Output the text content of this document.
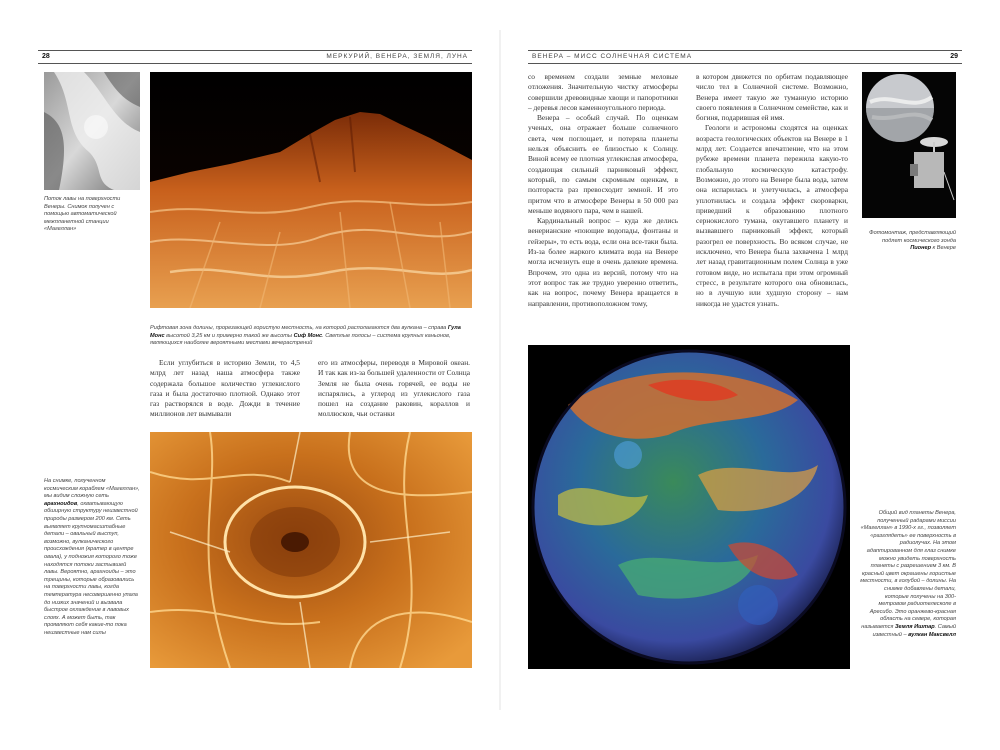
28	МЕРКУРИЙ, ВЕНЕРА, ЗЕМЛЯ, ЛУНА	ВЕНЕРА – МИСС СОЛНЕЧНАЯ СИСТЕМА	29
Поток лавы на поверхности Венеры. Снимок получен с помощью автоматической межпланетной станции «Магеллан»
Рифтовая зона долины, прорезающей гористую местность, на которой располагаются два вулкана – справа Гула Монс высотой 3,25 км и примерно такой же высоты Сиф Монс. Светлые полосы – система крупных каньонов, являющихся наиболее вероятными местами вечерастрений

Если углубиться в историю Земли, то 4,5 млрд лет назад наша атмосфера также содержала большое количество углекислого газа и была достаточно плотной. Однако этот газ растворялся в воде. Дожди в течение миллионов лет вымывали

его из атмосферы, переводя в Мировой океан. И так как из-за большей удаленности от Солнца Земля не была очень горячей, ее воды не испарялись, а углерод из углекислого газа пошел на создание раковин, кораллов и моллюсков, чьи останки

На снимке, полученном космическим кораблем «Магеллан», мы видим сложную сеть арахноидов, охватывающую обширную структуру неизвестной природы размером 200 км. Сеть выявляет крупномасштабные детали – овальный выступ, возможно, вулканического происхождения (кратер в центре овала), у подножия которого тоже находятся потоки застывшей лавы. Вероятно, арахноиды – это трещины, которые образовались на поверхности лавы, когда температура несовершенно упала до низких значений и вызвала быстрое охлаждение в лавовых слоях. А может быть, так проявляют себя какие-то пока неизвестные нам силы

со временем создали земные меловые отложения. Значительную чистку атмосферы совершили древовидные хвощи и папоротники – деревья лесов каменноугольного периода.

Венера – особый случай. По оценкам ученых, она отражает больше солнечного света, чем поглощает, и потеряла планеты нельзя объяснить ее близостью к Солнцу. Виной всему ее плотная углекислая атмосфера, создающая сильный парниковый эффект, который, по самым скромным оценкам, в полтораста раз превосходит земной. И это притом что в атмосфере Венеры в 50 000 раз меньше водяного пара, чем в нашей.

Кардинальный вопрос – куда же делись венерианские «поющие водопады, фонтаны и гейзеры», то есть вода, если она все-таки была. Из-за более жаркого климата вода на Венере могла исчезнуть еще в очень далекие времена. Впрочем, это одна из версий, потому что на этот вопрос так же трудно уверенно ответить, как на вопрос, почему Венера вращается в направлении, противоположном тому,

в котором движется по орбитам подавляющее число тел в Солнечной системе. Возможно, Венера имеет такую же туманную историю своего появления в Солнечном семействе, как и богиня, подарившая ей имя.

Геологи и астрономы сходятся на оценках возраста геологических объектов на Венере в 1 млрд лет. Создается впечатление, что на этом рубеже времени планета пережила какую-то глобальную космическую катастрофу. Возможно, до этого на Венере была вода, затем она испарилась и улетучилась, а атмосфера уплотнилась и создала эффект скороварки, приведший к образованию плотного сернокислого тумана, окутавшего планету и вызвавшего парниковый эффект, который разогрел ее поверхность. Во всяком случае, не исключено, что Венера была захвачена 1 млрд лет назад гравитационным полем Солнца в уже готовом виде, но испытала при этом огромный стресс, в результате которого она обновилась, но в лучшую или худшую сторону – нам никогда не удастся узнать.

Фотомонтаж, представляющий подлет космического зонда Пионер к Венере
Общий вид планеты Венера, полученный радарами миссии «Магеллан» в 1990-х гг., позволяет «разглядеть» ее поверхность в радиолучах. На этом адаптированном для глаз снимке можно увидеть поверхность планеты с разрешением 3 км. В красный цвет окрашены гористые местности, в голубой – долины. На снимке добавлены детали, которые получены на 300-метровом радиотелескопе в Аресибо. Это оранжево-красная область на севере, которая называется Земля Иштар. Самый известный – вулкан Максвелл
